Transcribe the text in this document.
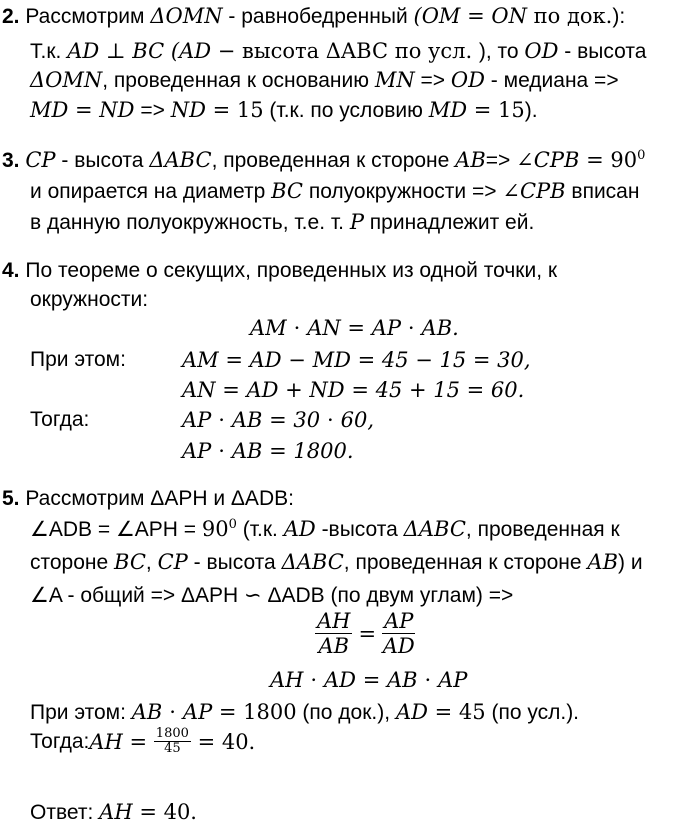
2. Рассмотрим ΔOMN - равнобедренный (OM = ON по док.):
Т.к. AD ⊥ BC (AD − высота ΔABC по усл. ), то OD - высота
ΔOMN, проведенная к основанию MN => OD - медиана =>
MD = ND => ND = 15 (т.к. по условию MD = 15).
3. CP - высота ΔABC, проведенная к стороне AB=> ∠CPB = $90^0$
и опирается на диаметр BC полуокружности => ∠CPB вписан
в данную полуокружность, т.е. т. P принадлежит ей.
4. По теореме о секущих, проведенных из одной точки, к
окружности:
AM ⋅ AN = AP ⋅ AB.
При этом:	AM = AD − MD = 45 − 15 = 30,
AN = AD + ND = 45 + 15 = 60.
Тогда:	AP ⋅ AB = 30 ⋅ 60,
AP ⋅ AB = 1800.
5. Рассмотрим ΔAPH и ΔADB:
∠ADB = ∠APH = $90^0$ (т.к. AD -высота ΔABC, проведенная к
стороне BC, CP - высота ΔABC, проведенная к стороне AB) и
∠A - общий => ΔAPH ∽ ΔADB (по двум углам) =>
$\frac{AH}{AB} = \frac{AP}{AD}$
AH ⋅ AD = AB ⋅ AP
При этом: AB ⋅ AP = 1800 (по док.), AD = 45 (по усл.).
Тогда: AH = $\frac{1800}{45} = 40$.
Ответ: AH = 40.
